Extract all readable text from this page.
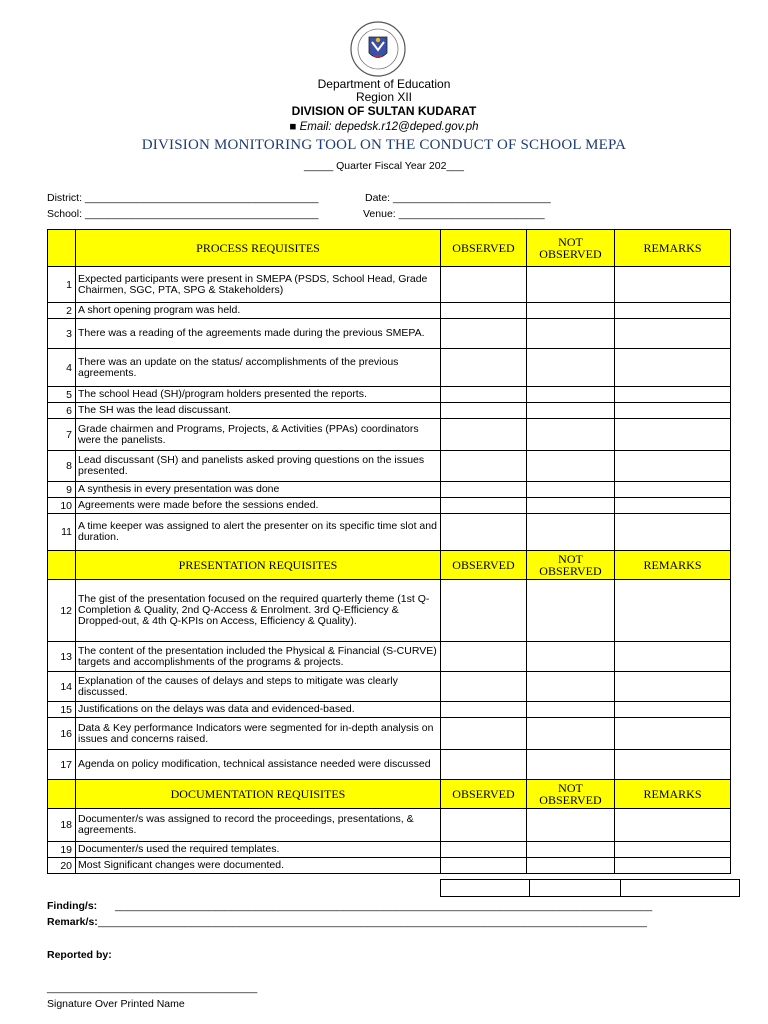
Department of Education
Region XII
DIVISION OF SULTAN KUDARAT
■ Email: depedsk.r12@deped.gov.ph
DIVISION MONITORING TOOL ON THE CONDUCT OF SCHOOL MEPA
_____ Quarter Fiscal Year 202___
District: ________________________________________	Date: ___________________________
School: ________________________________________	Venue: _________________________
	PROCESS REQUISITES	OBSERVED	NOT OBSERVED	REMARKS
1	Expected participants were present in SMEPA (PSDS, School Head, Grade Chairmen, SGC, PTA, SPG & Stakeholders)			
2	A short opening program was held.			
3	There was a reading of the agreements made during the previous SMEPA.			
4	There was an update on the status/ accomplishments of the previous agreements.			
5	The school Head (SH)/program holders presented the reports.			
6	The SH was the lead discussant.			
7	Grade chairmen and Programs, Projects, & Activities (PPAs) coordinators were the panelists.			
8	Lead discussant (SH) and panelists asked proving questions on the issues presented.			
9	A synthesis in every presentation was done			
10	Agreements were made before the sessions ended.			
11	A time keeper was assigned to alert the presenter on its specific time slot and duration.			
	PRESENTATION REQUISITES	OBSERVED	NOT OBSERVED	REMARKS
12	The gist of the presentation focused on the required quarterly theme (1st Q- Completion & Quality, 2nd Q-Access & Enrolment. 3rd Q-Efficiency & Dropped-out, & 4th Q-KPIs on Access, Efficiency & Quality).			
13	The content of the presentation included the Physical & Financial (S-CURVE) targets and accomplishments of the programs & projects.			
14	Explanation of the causes of delays and steps to mitigate was clearly discussed.			
15	Justifications on the delays was data and evidenced-based.			
16	Data & Key performance Indicators were segmented for in-depth analysis on issues and concerns raised.			
17	Agenda on policy modification, technical assistance needed were discussed			
	DOCUMENTATION REQUISITES	OBSERVED	NOT OBSERVED	REMARKS
18	Documenter/s was assigned to record the proceedings, presentations, & agreements.			
19	Documenter/s used the required templates.			
20	Most Significant changes were documented.			

Finding/s: ____________________________________________________________________________________________
Remark/s: ______________________________________________________________________________________________
Reported by:
____________________________________
Signature Over Printed Name
